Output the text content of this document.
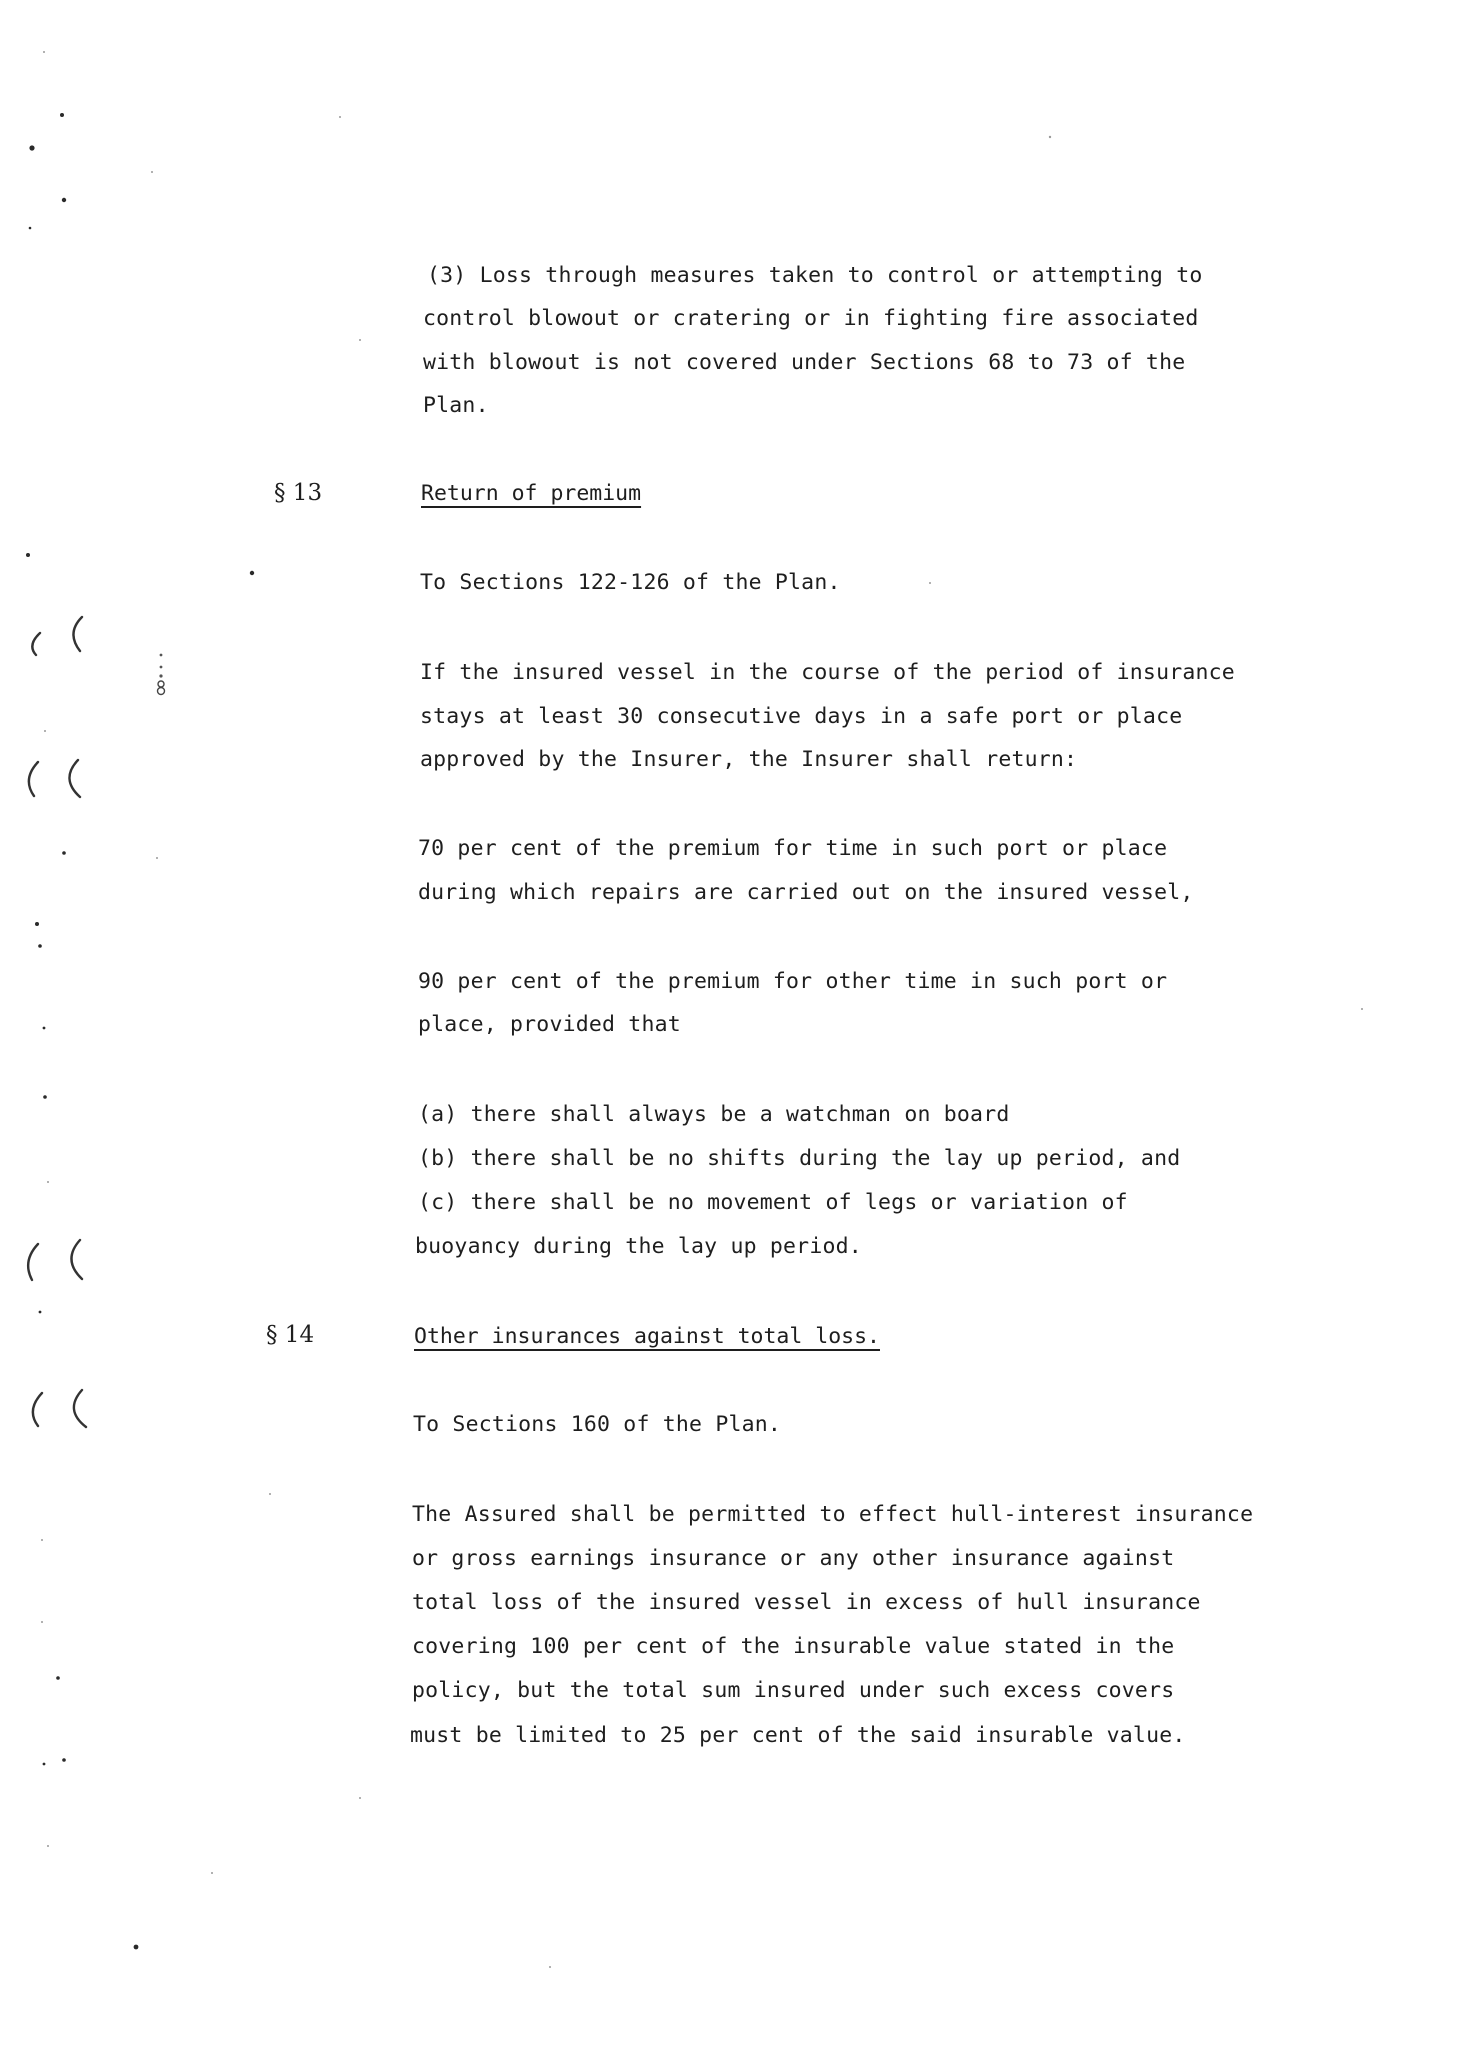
(3) Loss through measures taken to control or attempting to
control blowout or cratering or in fighting fire associated
with blowout is not covered under Sections 68 to 73 of the
Plan.
§ 13	Return of premium
To Sections 122-126 of the Plan.
If the insured vessel in the course of the period of insurance
stays at least 30 consecutive days in a safe port or place
approved by the Insurer, the Insurer shall return:
70 per cent of the premium for time in such port or place
during which repairs are carried out on the insured vessel,
90 per cent of the premium for other time in such port or
place, provided that
(a) there shall always be a watchman on board
(b) there shall be no shifts during the lay up period, and
(c) there shall be no movement of legs or variation of
buoyancy during the lay up period.
§ 14	Other insurances against total loss.
To Sections 160 of the Plan.
The Assured shall be permitted to effect hull-interest insurance
or gross earnings insurance or any other insurance against
total loss of the insured vessel in excess of hull insurance
covering 100 per cent of the insurable value stated in the
policy, but the total sum insured under such excess covers
must be limited to 25 per cent of the said insurable value.
